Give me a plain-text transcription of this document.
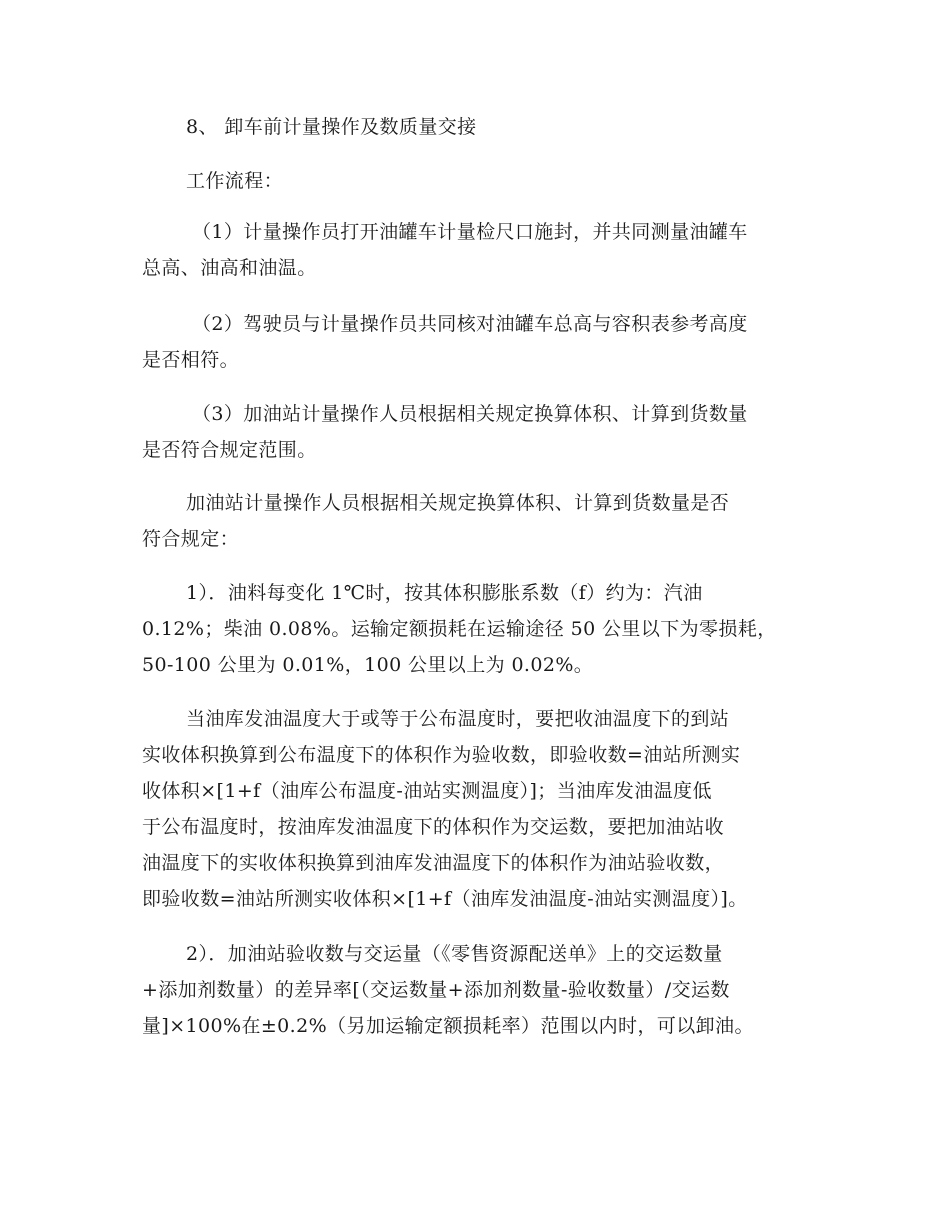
8、 卸车前计量操作及数质量交接

工作流程：

（1）计量操作员打开油罐车计量检尺口施封，并共同测量油罐车
总高、油高和油温。

（2）驾驶员与计量操作员共同核对油罐车总高与容积表参考高度
是否相符。

（3）加油站计量操作人员根据相关规定换算体积、计算到货数量
是否符合规定范围。

加油站计量操作人员根据相关规定换算体积、计算到货数量是否
符合规定：

1）．油料每变化 1℃时，按其体积膨胀系数（f）约为：汽油
0.12%；柴油 0.08%。运输定额损耗在运输途径 50 公里以下为零损耗，
50-100 公里为 0.01%，100 公里以上为 0.02%。

当油库发油温度大于或等于公布温度时，要把收油温度下的到站
实收体积换算到公布温度下的体积作为验收数，即验收数=油站所测实
收体积×[1+f（油库公布温度-油站实测温度）]；当油库发油温度低
于公布温度时，按油库发油温度下的体积作为交运数，要把加油站收
油温度下的实收体积换算到油库发油温度下的体积作为油站验收数，
即验收数=油站所测实收体积×[1+f（油库发油温度-油站实测温度）]。

2）．加油站验收数与交运量（《零售资源配送单》上的交运数量
+添加剂数量）的差异率[（交运数量+添加剂数量-验收数量）/交运数
量]×100%在±0.2%（另加运输定额损耗率）范围以内时，可以卸油。
